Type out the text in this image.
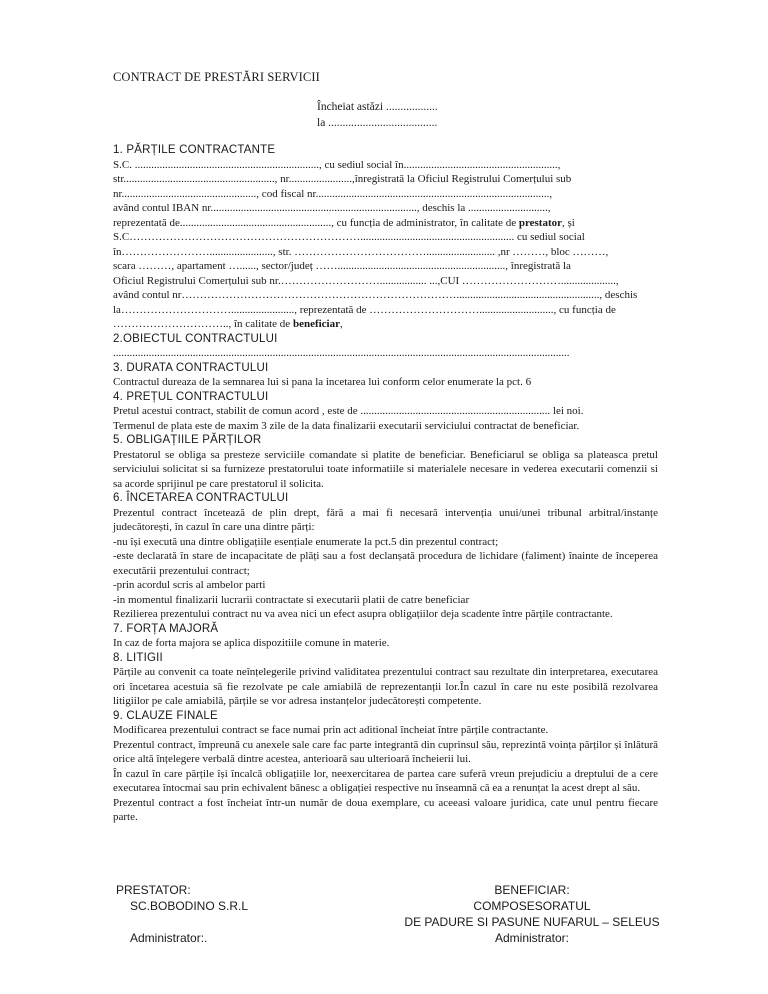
CONTRACT DE PRESTĂRI SERVICII
Încheiat astăzi ..................
la ......................................
1. PĂRȚILE CONTRACTANTE

S.C. ..................................................................., cu sediul social în........................................................,

str......................................................., nr.......................,înregistrată la Oficiul Registrului Comerțului sub

nr................................................., cod fiscal nr.....................................................................................,

având contul IBAN nr..........................................................................., deschis la .............................,

reprezentată de......................................................., cu funcția de administrator, în calitate de prestator, și

S.C………………………………………………………........................................................ cu sediul social

în……………………......................., str. ………………………………......................... ,nr ………, bloc ………,

scara ………, apartament …......, sector/județ ……............................................................., înregistrată la

Oficiul Registrului Comerțului sub nr.………………………................. ...,CUI ………………………....................,

având contul nr…………………………………………………………………...................................................., deschis

la…………………………......................., reprezentată de …………………………..........................., cu funcția de

………………………….., în calitate de beneficiar,

2.OBIECTUL CONTRACTULUI

......................................................................................................................................................................

3. DURATA CONTRACTULUI

Contractul dureaza de la semnarea lui si pana la incetarea lui conform celor enumerate la pct. 6

4. PREȚUL CONTRACTULUI

Pretul acestui contract, stabilit de comun acord , este de ..................................................................... lei noi.

Termenul de plata este de maxim 3 zile de la data finalizarii executarii serviciului contractat de beneficiar.

5. OBLIGAȚIILE PĂRȚILOR

Prestatorul se obliga sa presteze serviciile comandate si platite de beneficiar. Beneficiarul se obliga sa plateasca pretul serviciului solicitat si sa furnizeze prestatorului toate informatiile si materialele necesare in vederea executarii comenzii si sa acorde sprijinul pe care prestatorul il solicita.

6. ÎNCETAREA CONTRACTULUI

Prezentul contract încetează de plin drept, fără a mai fi necesară intervenția unui/unei tribunal arbitral/instanțe judecătorești, în cazul în care una dintre părți:

-nu își execută una dintre obligațiile esențiale enumerate la pct.5 din prezentul contract;

-este declarată în stare de incapacitate de plăți sau a fost declanșată procedura de lichidare (faliment) înainte de începerea executării prezentului contract;

-prin acordul scris al ambelor parti

-in momentul finalizarii lucrarii contractate si executarii platii de catre beneficiar

Rezilierea prezentului contract nu va avea nici un efect asupra obligațiilor deja scadente între părțile contractante.

7. FORȚA MAJORĂ

In caz de forta majora se aplica dispozitiile comune in materie.

8. LITIGII

Părțile au convenit ca toate neînțelegerile privind validitatea prezentului contract sau rezultate din interpretarea, executarea ori încetarea acestuia să fie rezolvate pe cale amiabilă de reprezentanții lor.În cazul în care nu este posibilă rezolvarea litigiilor pe cale amiabilă, părțile se vor adresa instanțelor judecătorești competente.

9. CLAUZE FINALE

Modificarea prezentului contract se face numai prin act aditional încheiat între părțile contractante.

Prezentul contract, împreună cu anexele sale care fac parte integrantă din cuprinsul său, reprezintă voința părților și înlătură orice altă înțelegere verbală dintre acestea, anterioară sau ulterioară încheierii lui.

În cazul în care părțile își încalcă obligațiile lor, neexercitarea de partea care suferă vreun prejudiciu a dreptului de a cere executarea întocmai sau prin echivalent bănesc a obligației respective nu înseamnă că ea a renunțat la acest drept al său.

Prezentul contract a fost încheiat într-un număr de doua exemplare, cu aceeasi valoare juridica, cate unul pentru fiecare parte.

PRESTATOR:
SC.BOBODINO S.R.L
Administrator:.
BENEFICIAR:
COMPOSESORATUL
DE PADURE SI PASUNE NUFARUL – SELEUS
Administrator:
